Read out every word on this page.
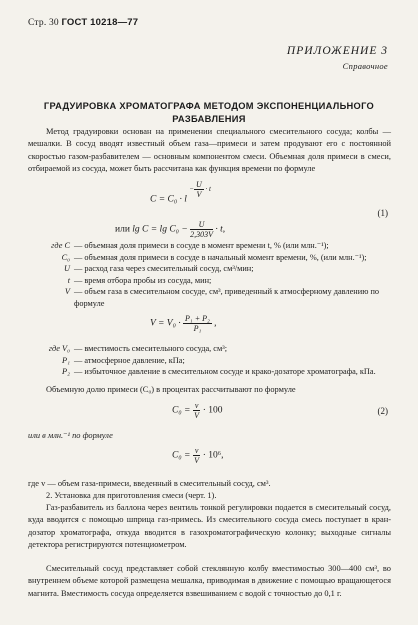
Стр. 30 ГОСТ 10218—77
ПРИЛОЖЕНИЕ 3
Справочное
ГРАДУИРОВКА ХРОМАТОГРАФА МЕТОДОМ ЭКСПОНЕНЦИАЛЬНОГО
РАЗБАВЛЕНИЯ
Метод градуировки основан на применении специального смесительного сосуда; колбы — мешалки. В сосуд вводят известный объем газа—примеси и затем продувают его с постоянной скоростью газом-разбавителем — основным компонентом смеси. Объемная доля примеси в смеси, отбираемой из сосуда, может быть рассчитана как функция времени по формуле
C = C₀ · l $^{- \frac{U}{V} \cdot t}$
или $\lg C = \lg C_0 - \frac{U}{2,303V} \cdot t$,
(1)
где C — объемная доля примеси в сосуде в момент времени t, % (или млн.⁻¹);
C₀ — объемная доля примеси в сосуде в начальный момент времени, %, (или млн.⁻¹);
U — расход газа через смесительный сосуд, см³/мин;
t — время отбора пробы из сосуда, мин;
V — объем газа в смесительном сосуде, см³, приведенный к атмосферному давлению по формуле
$V = V_0 \cdot \frac{\text{P₁ + P₂}}{\text{P₁}}$ ,
где V₀ — вместимость смесительного сосуда, см³;
P₁ — атмосферное давление, кПа;
P₂ — избыточное давление в смесительном сосуде и крако-дозаторе хроматографа, кПа.
Объемную долю примеси (C₀) в процентах рассчитывают по формуле
$C_0 = \frac{v}{V} \cdot 100$	(2)
или в млн.⁻¹ по формуле
$C_0 = \frac{v}{V} \cdot 10^6$,
где v — объем газа-примеси, введенный в смесительный сосуд, см³.
2. Установка для приготовления смеси (черт. 1).
Газ-разбавитель из баллона через вентиль тонкой регулировки подается в смесительный сосуд, куда вводится с помощью шприца газ-примесь. Из смесительного сосуда смесь поступает в кран-дозатор хроматографа, откуда вводится в газохроматографическую колонку; выходные сигналы детектора регистрируются потенциометром.
Смесительный сосуд представляет собой стеклянную колбу вместимостью 300—400 см³, во внутреннем объеме которой размещена мешалка, приводимая в движение с помощью вращающегося магнита. Вместимость сосуда определяется взвешиванием с водой с точностью до 0,1 г.
